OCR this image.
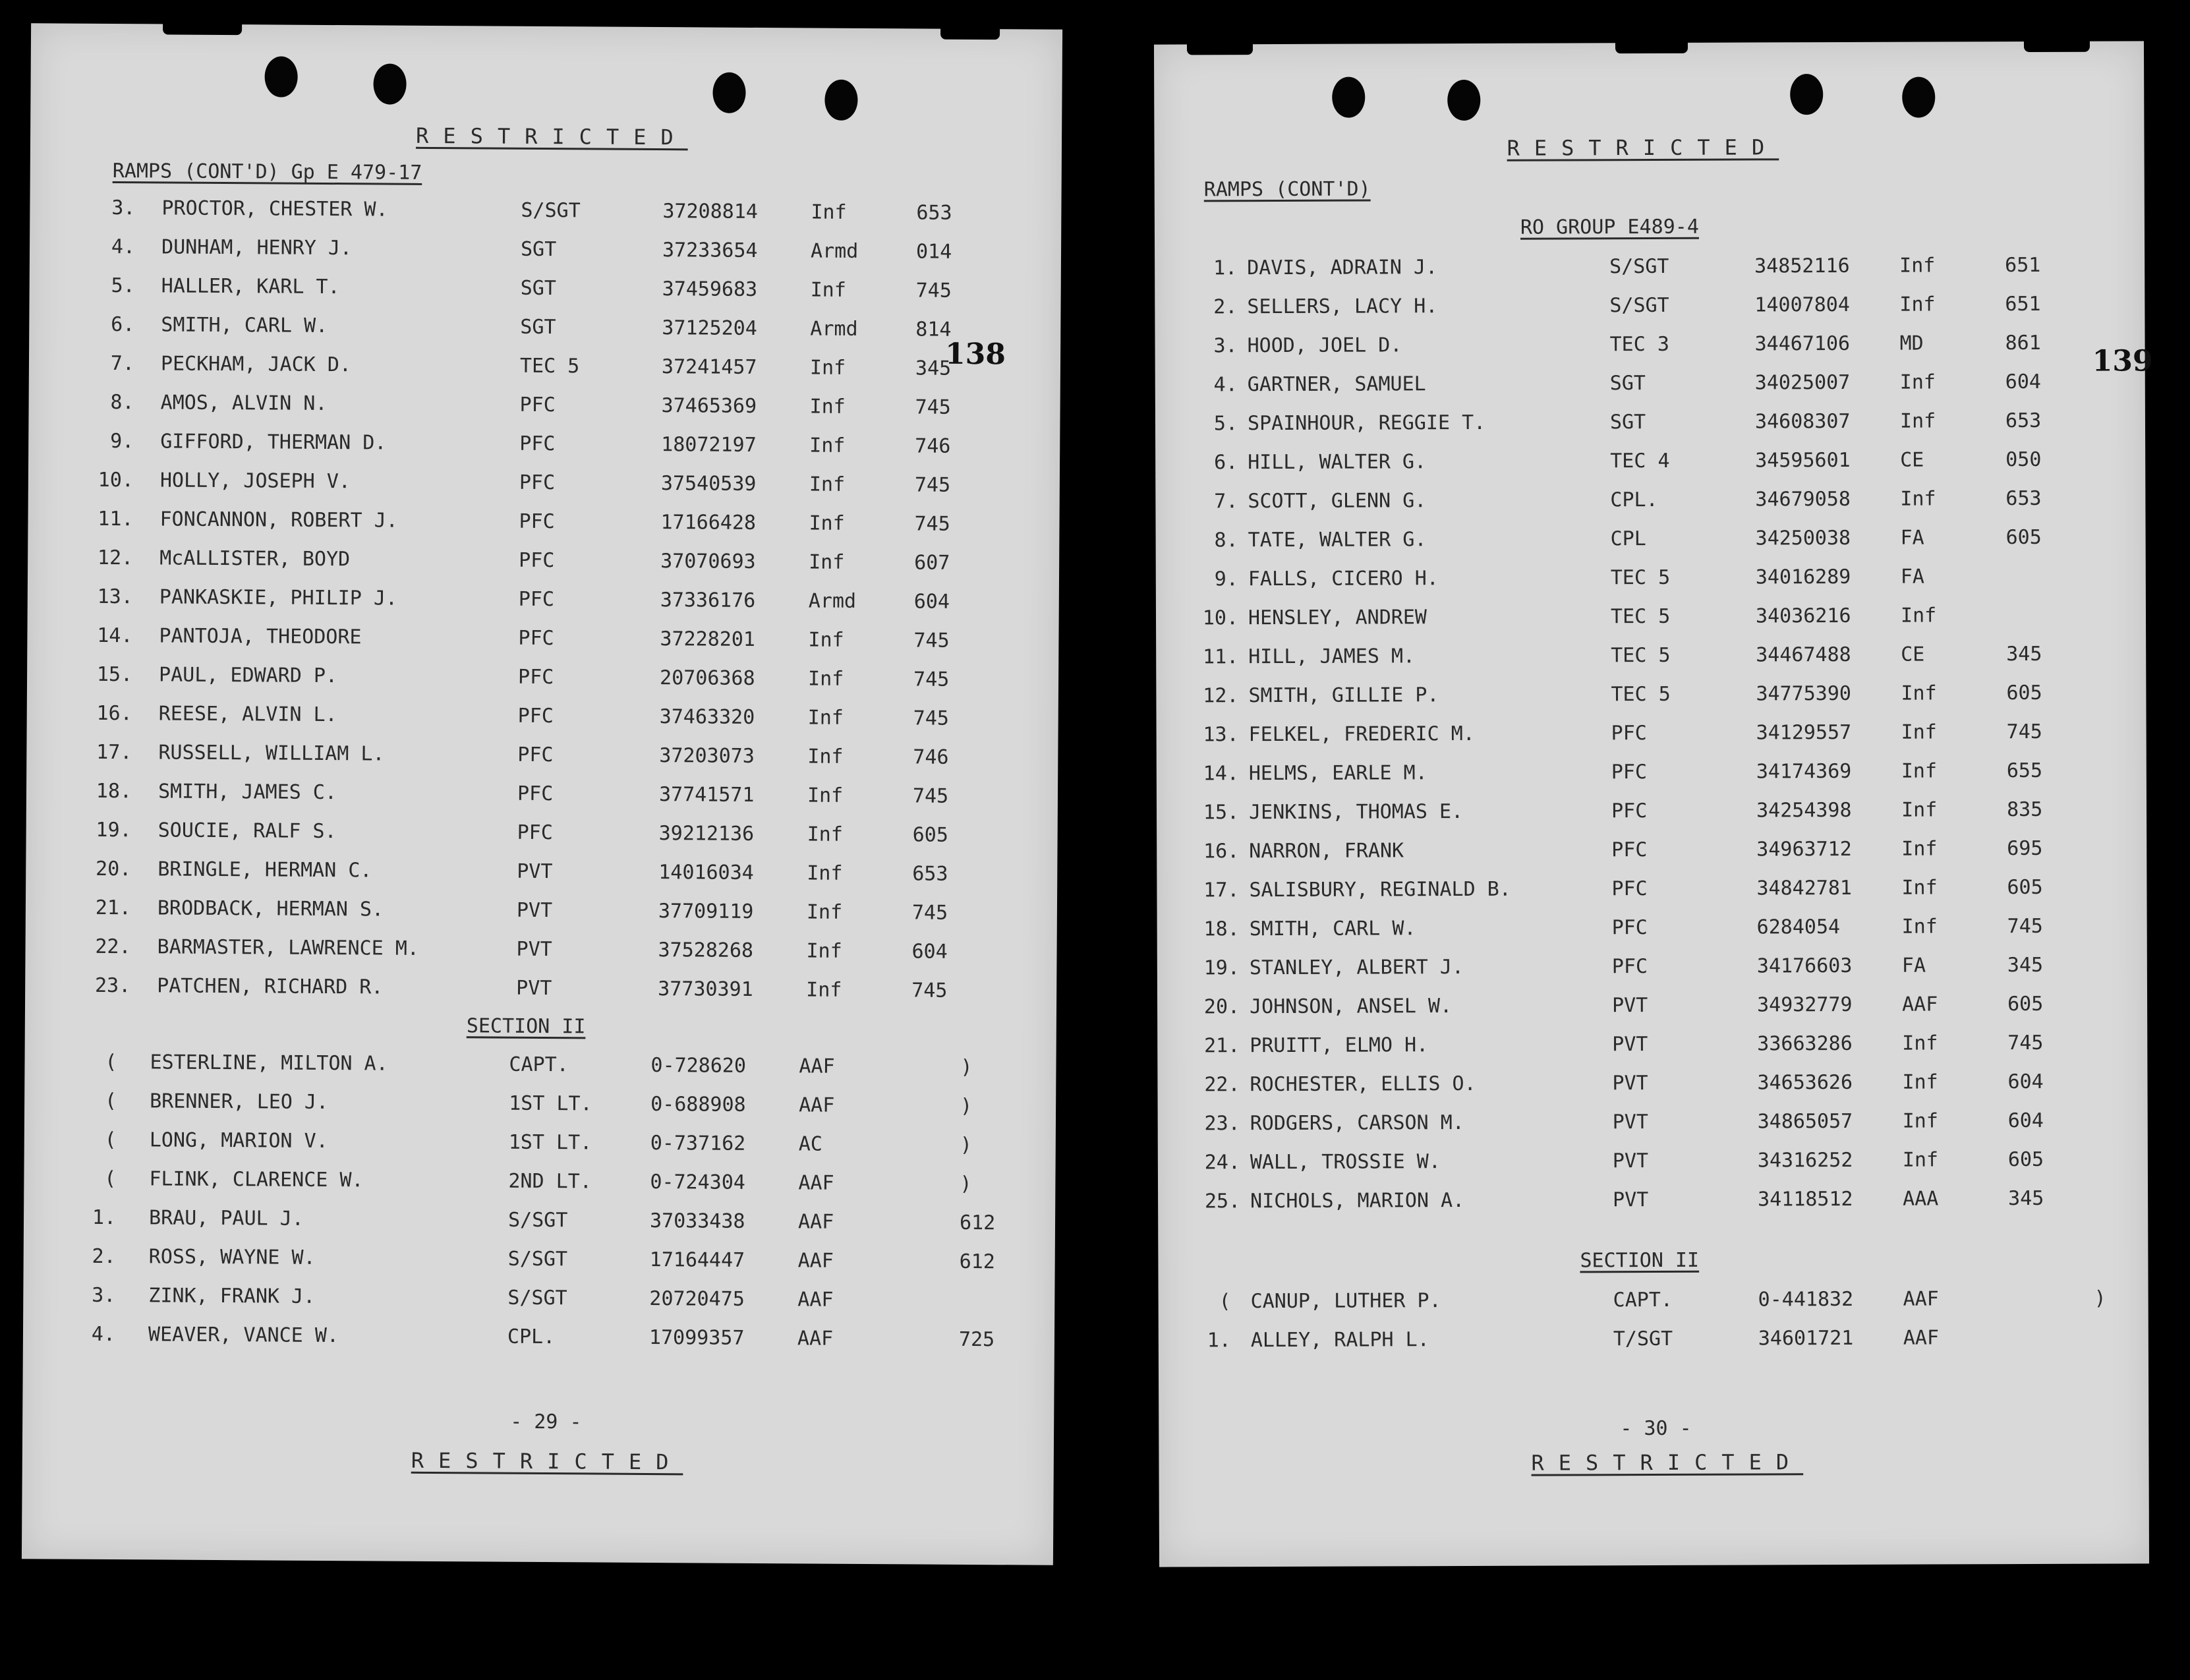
RESTRICTED
RAMPS (CONT'D) Gp E 479-17
138
3. PROCTOR, CHESTER W.	S/SGT	37208814	Inf	653
4. DUNHAM, HENRY J.	SGT	37233654	Armd	014
5. HALLER, KARL T.	SGT	37459683	Inf	745
6. SMITH, CARL W.	SGT	37125204	Armd	814
7. PECKHAM, JACK D.	TEC 5	37241457	Inf	345
8. AMOS, ALVIN N.	PFC	37465369	Inf	745
9. GIFFORD, THERMAN D.	PFC	18072197	Inf	746
10. HOLLY, JOSEPH V.	PFC	37540539	Inf	745
11. FONCANNON, ROBERT J.	PFC	17166428	Inf	745
12. McALLISTER, BOYD	PFC	37070693	Inf	607
13. PANKASKIE, PHILIP J.	PFC	37336176	Armd	604
14. PANTOJA, THEODORE	PFC	37228201	Inf	745
15. PAUL, EDWARD P.	PFC	20706368	Inf	745
16. REESE, ALVIN L.	PFC	37463320	Inf	745
17. RUSSELL, WILLIAM L.	PFC	37203073	Inf	746
18. SMITH, JAMES C.	PFC	37741571	Inf	745
19. SOUCIE, RALF S.	PFC	39212136	Inf	605
20. BRINGLE, HERMAN C.	PVT	14016034	Inf	653
21. BRODBACK, HERMAN S.	PVT	37709119	Inf	745
22. BARMASTER, LAWRENCE M.	PVT	37528268	Inf	604
23. PATCHEN, RICHARD R.	PVT	37730391	Inf	745
SECTION II
( ESTERLINE, MILTON A.	CAPT.	0-728620	AAF	)
( BRENNER, LEO J.	1ST LT.	0-688908	AAF	)
( LONG, MARION V.	1ST LT.	0-737162	AC	)
( FLINK, CLARENCE W.	2ND LT.	0-724304	AAF	)
1. BRAU, PAUL J.	S/SGT	37033438	AAF	612
2. ROSS, WAYNE W.	S/SGT	17164447	AAF	612
3. ZINK, FRANK J.	S/SGT	20720475	AAF
4. WEAVER, VANCE W.	CPL.	17099357	AAF	725
- 29 -
RESTRICTED
RESTRICTED
RAMPS (CONT'D)
RO GROUP E489-4
139
1. DAVIS, ADRAIN J.	S/SGT	34852116	Inf	651
2. SELLERS, LACY H.	S/SGT	14007804	Inf	651
3. HOOD, JOEL D.	TEC 3	34467106	MD	861
4. GARTNER, SAMUEL	SGT	34025007	Inf	604
5. SPAINHOUR, REGGIE T.	SGT	34608307	Inf	653
6. HILL, WALTER G.	TEC 4	34595601	CE	050
7. SCOTT, GLENN G.	CPL.	34679058	Inf	653
8. TATE, WALTER G.	CPL	34250038	FA	605
9. FALLS, CICERO H.	TEC 5	34016289	FA
10. HENSLEY, ANDREW	TEC 5	34036216	Inf
11. HILL, JAMES M.	TEC 5	34467488	CE	345
12. SMITH, GILLIE P.	TEC 5	34775390	Inf	605
13. FELKEL, FREDERIC M.	PFC	34129557	Inf	745
14. HELMS, EARLE M.	PFC	34174369	Inf	655
15. JENKINS, THOMAS E.	PFC	34254398	Inf	835
16. NARRON, FRANK	PFC	34963712	Inf	695
17. SALISBURY, REGINALD B.	PFC	34842781	Inf	605
18. SMITH, CARL W.	PFC	6284054	Inf	745
19. STANLEY, ALBERT J.	PFC	34176603	FA	345
20. JOHNSON, ANSEL W.	PVT	34932779	AAF	605
21. PRUITT, ELMO H.	PVT	33663286	Inf	745
22. ROCHESTER, ELLIS O.	PVT	34653626	Inf	604
23. RODGERS, CARSON M.	PVT	34865057	Inf	604
24. WALL, TROSSIE W.	PVT	34316252	Inf	605
25. NICHOLS, MARION A.	PVT	34118512	AAA	345
SECTION II
( CANUP, LUTHER P.	CAPT.	0-441832	AAF	)
1. ALLEY, RALPH L.	T/SGT	34601721	AAF
- 30 -
RESTRICTED
